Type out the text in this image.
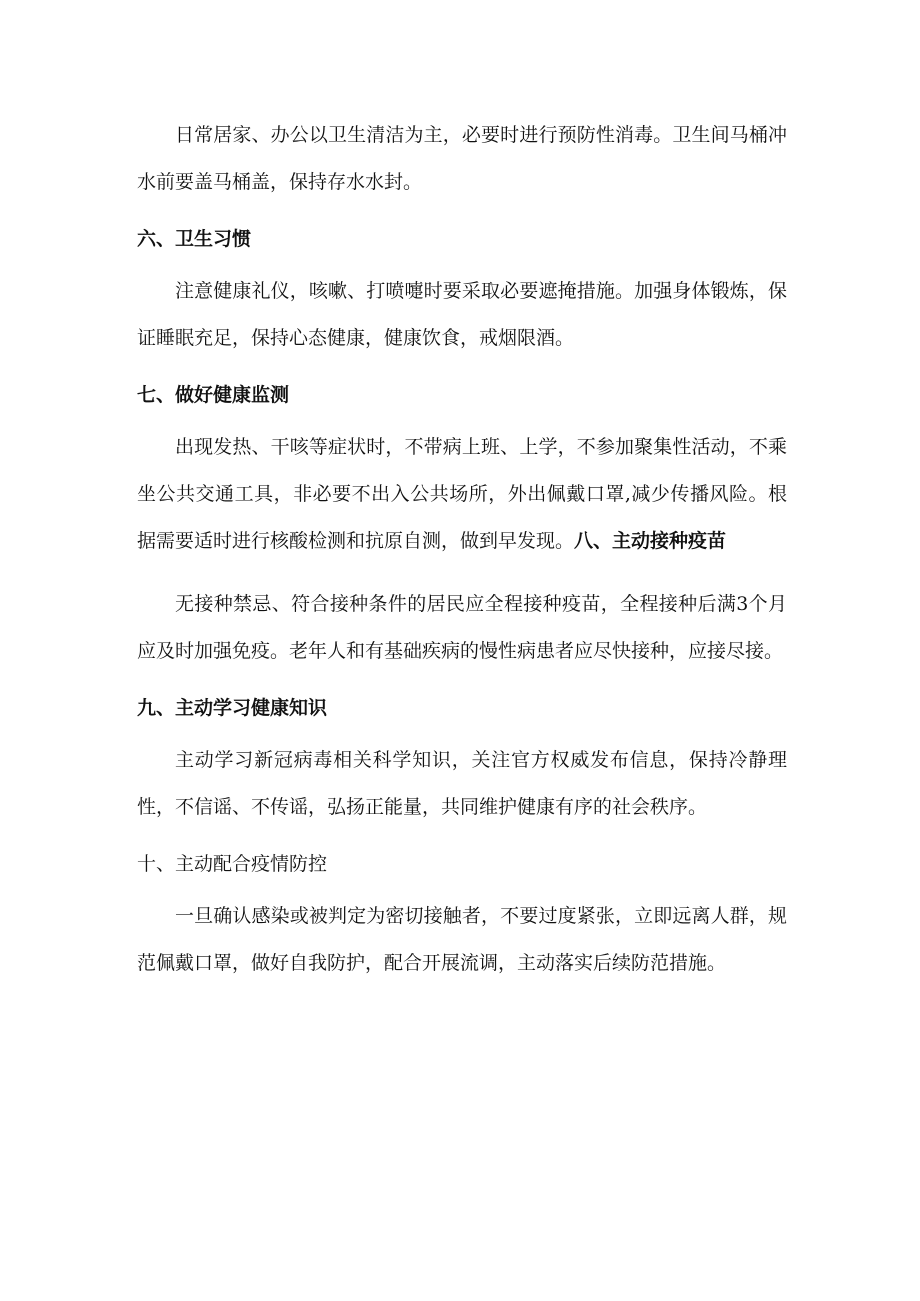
日常居家、办公以卫生清洁为主，必要时进行预防性消毒。卫生间马桶冲水前要盖马桶盖，保持存水水封。

六、卫生习惯

注意健康礼仪，咳嗽、打喷嚏时要采取必要遮掩措施。加强身体锻炼，保证睡眠充足，保持心态健康，健康饮食，戒烟限酒。

七、做好健康监测

出现发热、干咳等症状时，不带病上班、上学，不参加聚集性活动，不乘坐公共交通工具，非必要不出入公共场所，外出佩戴口罩,减少传播风险。根据需要适时进行核酸检测和抗原自测，做到早发现。八、主动接种疫苗

无接种禁忌、符合接种条件的居民应全程接种疫苗，全程接种后满3个月应及时加强免疫。老年人和有基础疾病的慢性病患者应尽快接种，应接尽接。

九、主动学习健康知识

主动学习新冠病毒相关科学知识，关注官方权威发布信息，保持冷静理性，不信谣、不传谣，弘扬正能量，共同维护健康有序的社会秩序。

十、主动配合疫情防控

一旦确认感染或被判定为密切接触者，不要过度紧张，立即远离人群，规范佩戴口罩，做好自我防护，配合开展流调，主动落实后续防范措施。
